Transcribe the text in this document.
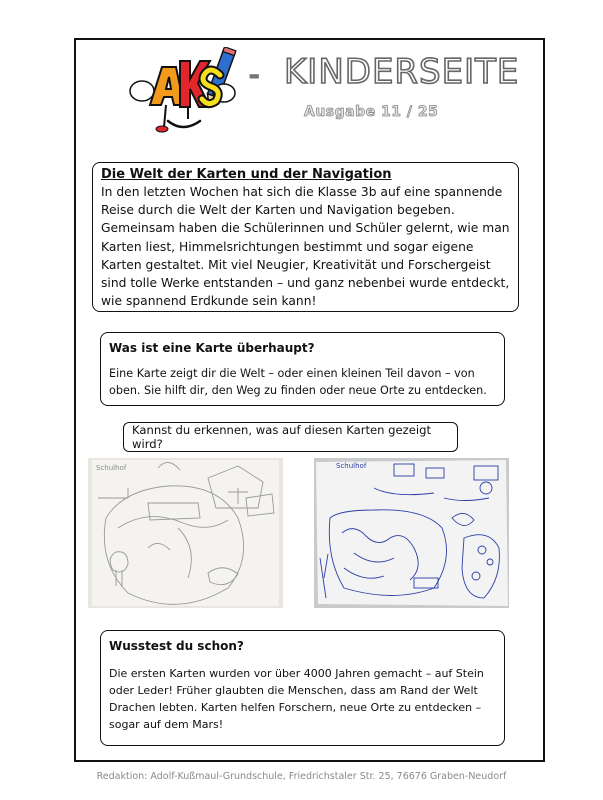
- KINDERSEITE
Ausgabe 11 / 25
Die Welt der Karten und der Navigation
In den letzten Wochen hat sich die Klasse 3b auf eine spannende Reise durch die Welt der Karten und Navigation begeben. Gemeinsam haben die Schülerinnen und Schüler gelernt, wie man Karten liest, Himmelsrichtungen bestimmt und sogar eigene Karten gestaltet. Mit viel Neugier, Kreativität und Forschergeist sind tolle Werke entstanden – und ganz nebenbei wurde entdeckt, wie spannend Erdkunde sein kann!
Was ist eine Karte überhaupt?
Eine Karte zeigt dir die Welt – oder einen kleinen Teil davon – von oben. Sie hilft dir, den Weg zu finden oder neue Orte zu entdecken.
Kannst du erkennen, was auf diesen Karten gezeigt wird?
Schulhof	Schulhof
Wusstest du schon?
Die ersten Karten wurden vor über 4000 Jahren gemacht – auf Stein oder Leder! Früher glaubten die Menschen, dass am Rand der Welt Drachen lebten. Karten helfen Forschern, neue Orte zu entdecken – sogar auf dem Mars!
Redaktion: Adolf-Kußmaul-Grundschule, Friedrichstaler Str. 25, 76676 Graben-Neudorf
